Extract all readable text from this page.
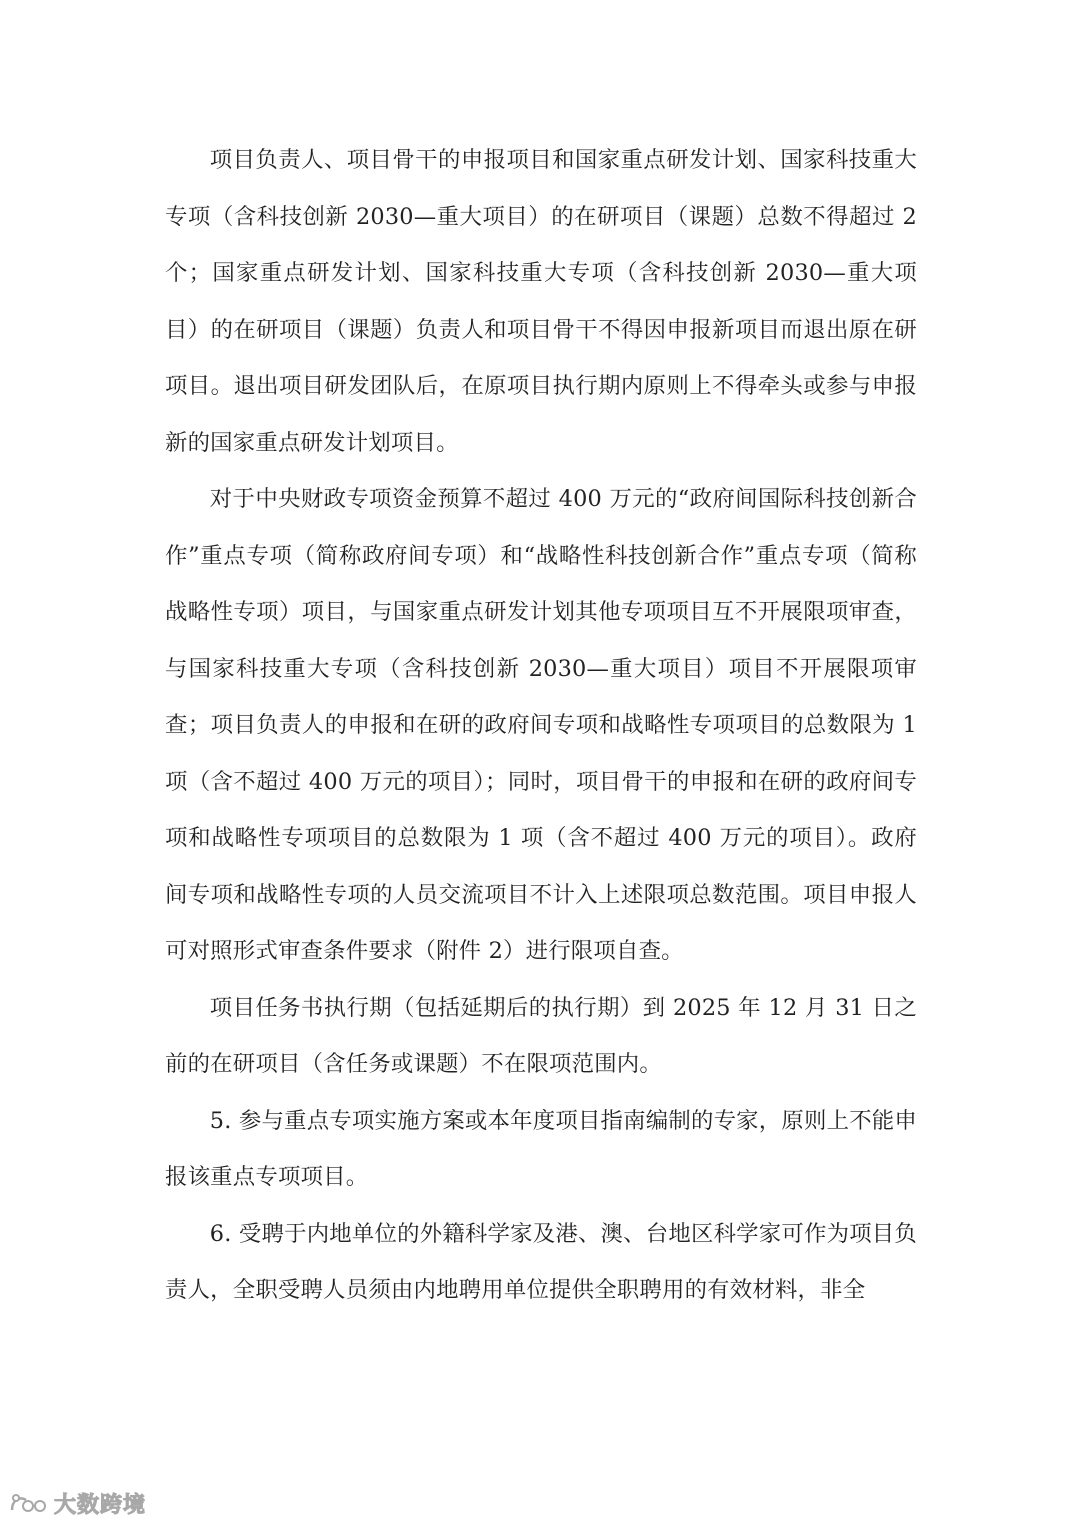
项目负责人、项目骨干的申报项目和国家重点研发计划、国家科技重大专项（含科技创新 2030—重大项目）的在研项目（课题）总数不得超过 2 个；国家重点研发计划、国家科技重大专项（含科技创新 2030—重大项目）的在研项目（课题）负责人和项目骨干不得因申报新项目而退出原在研项目。退出项目研发团队后，在原项目执行期内原则上不得牵头或参与申报新的国家重点研发计划项目。

对于中央财政专项资金预算不超过 400 万元的“政府间国际科技创新合作”重点专项（简称政府间专项）和“战略性科技创新合作”重点专项（简称战略性专项）项目，与国家重点研发计划其他专项项目互不开展限项审查，与国家科技重大专项（含科技创新 2030—重大项目）项目不开展限项审查；项目负责人的申报和在研的政府间专项和战略性专项项目的总数限为 1 项（含不超过 400 万元的项目）；同时，项目骨干的申报和在研的政府间专项和战略性专项项目的总数限为 1 项（含不超过 400 万元的项目）。政府间专项和战略性专项的人员交流项目不计入上述限项总数范围。项目申报人可对照形式审查条件要求（附件 2）进行限项自查。

项目任务书执行期（包括延期后的执行期）到 2025 年 12 月 31 日之前的在研项目（含任务或课题）不在限项范围内。

5. 参与重点专项实施方案或本年度项目指南编制的专家，原则上不能申报该重点专项项目。

6. 受聘于内地单位的外籍科学家及港、澳、台地区科学家可作为项目负责人，全职受聘人员须由内地聘用单位提供全职聘用的有效材料，非全

大数跨境
